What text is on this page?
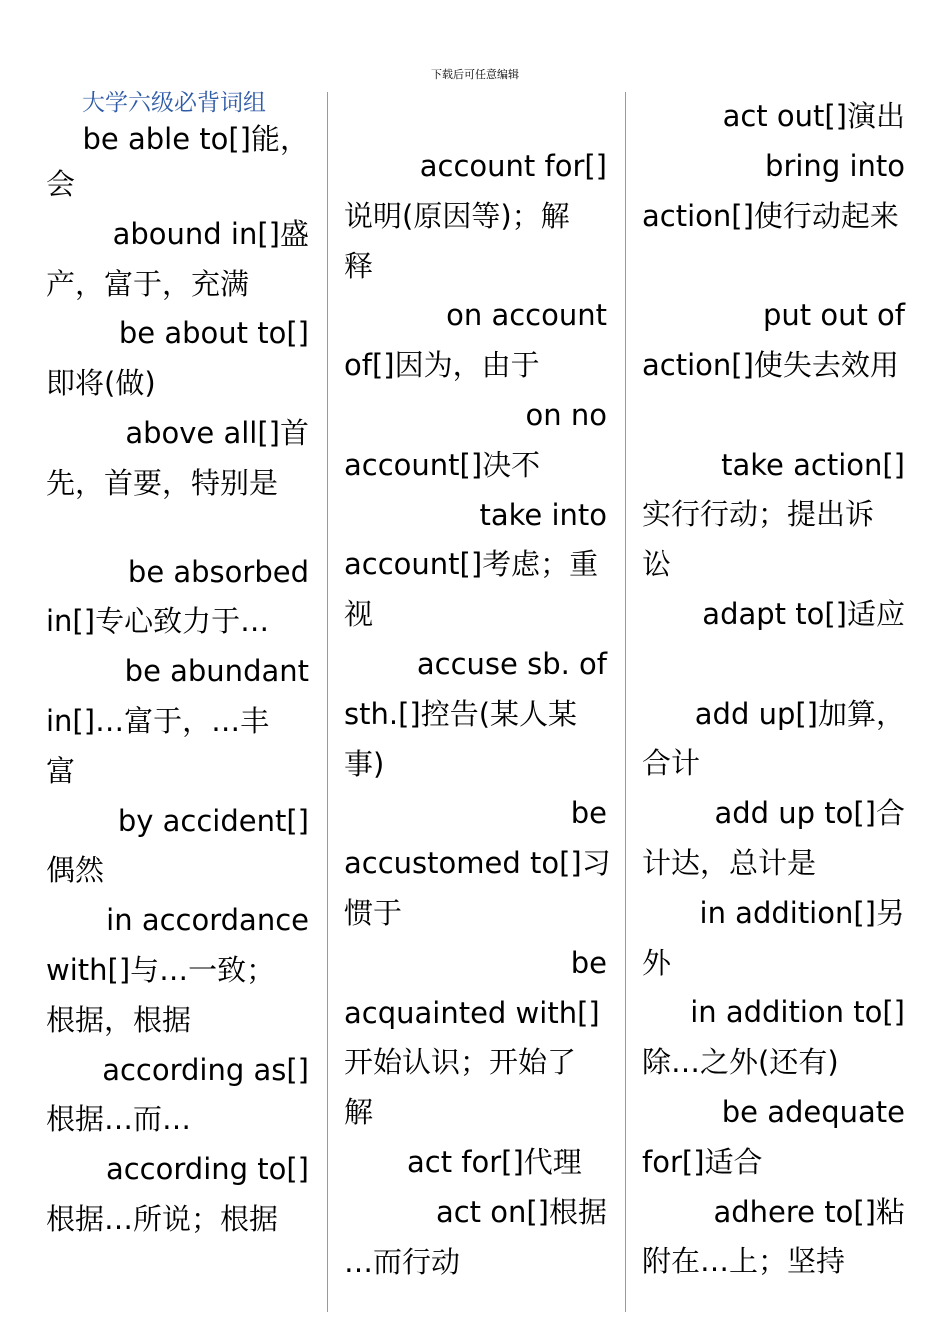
下载后可任意编辑
大学六级必背词组
be able to[]能，
会
abound in[]盛
产，富于，充满
be about to[]
即将(做)
above all[]首
先，首要，特别是
be absorbed
in[]专心致力于…
be abundant
in[]…富于，…丰
富
by accident[]
偶然
in accordance
with[]与…一致；
根据，根据
according as[]
根据…而…
according to[]
根据…所说；根据
account for[]
说明(原因等)；解
释
on account
of[]因为，由于
on no
account[]决不
take into
account[]考虑；重
视
accuse sb. of
sth.[]控告(某人某
事)
be
accustomed to[]习
惯于
be
acquainted with[]
开始认识；开始了
解
act for[]代理
act on[]根据
…而行动
act out[]演出
bring into
action[]使行动起来
put out of
action[]使失去效用
take action[]
实行行动；提出诉
讼
adapt to[]适应
add up[]加算，
合计
add up to[]合
计达，总计是
in addition[]另
外
in addition to[]
除…之外(还有)
be adequate
for[]适合
adhere to[]粘
附在…上；坚持
